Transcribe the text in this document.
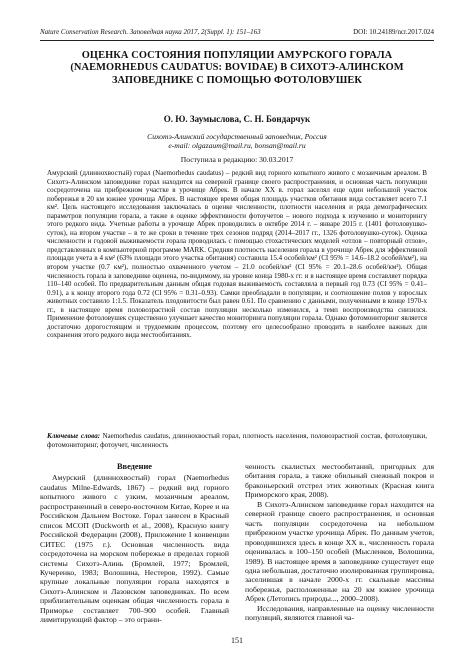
Nature Conservation Research. Заповедная наука 2017, 2(Suppl. 1): 151–163	DOI: 10.24189/ncr.2017.024
ОЦЕНКА СОСТОЯНИЯ ПОПУЛЯЦИИ АМУРСКОГО ГОРАЛА
(NAEMORHEDUS CAUDATUS: BOVIDAE) В СИХОТЭ-АЛИНСКОМ
ЗАПОВЕДНИКЕ С ПОМОЩЬЮ ФОТОЛОВУШЕК
О. Ю. Заумыслова, С. Н. Бондарчук
Сихотэ-Алинский государственный заповедник, Россия
e-mail: olgazaum@mail.ru, bonsan@mail.ru
Поступила в редакцию: 30.03.2017
Амурский (длиннохвостый) горал (Naemorhedus caudatus) – редкий вид горного копытного живого с мозаичным ареалом. В Сихотэ-Алинском заповеднике горал находится на северной границе своего распространения, и основная часть популяции сосредоточена на прибрежном участке в урочище Абрек. В начале XX в. горал заселял еще один небольшой участок побережья в 20 км южнее урочища Абрек. В настоящее время общая площадь участков обитания вида составляет всего 7.1 км². Цель настоящего исследования заключалась в оценке численности, плотности населения и ряда демографических параметров популяции горала, а также в оценке эффективности фотоучетов – нового подхода к изучению и мониторингу этого редкого вида. Учетные работы в урочище Абрек проводились в октябре 2014 г. – январе 2015 г. (1401 фотоловушко-суток), на втором участке – в те же сроки в течение трех сезонов подряд (2014–2017 гг., 1326 фотоловушко-суток). Оценка численности и годовой выживаемости горала проводилась с помощью стохастических моделей «отлов – повторный отлов», представленных в компьютерной программе MARK. Средняя плотность населения горала в урочище Абрек для эффективной площади учета в 4 км² (63% площади этого участка обитания) составила 15.4 особей/км² (CI 95% = 14.6–18.2 особей/км²), на втором участке (0.7 км²), полностью охваченного учетом – 21.0 особей/км² (CI 95% = 20.1–28.6 особей/км²). Общая численность горала в заповеднике оценена, по-видимому, на уровне конца 1980-х гг. и в настоящее время составляет порядка 110–140 особей. По предварительным данным общая годовая выживаемость составляла в первый год 0.73 (CI 95% = 0.41–0.91), а к концу второго года 0.72 (CI 95% = 0.31–0.93). Самки преобладали в популяции, и соотношение полов у взрослых животных составило 1:1.5. Показатель плодовитости был равен 0.61. По сравнению с данными, полученными в конце 1970-х гг., в настоящее время половозрастной состав популяции несколько изменился, а темп воспроизводства снизился. Применение фотоловушек существенно улучшает качество мониторинга популяции горала. Однако фотомониторинг является достаточно дорогостоящим и трудоемким процессом, поэтому его целесообразно проводить в наиболее важных для сохранения этого редкого вида местообитаниях.
Ключевые слова: Naemorhedus caudatus, длиннохвостый горал, плотность населения, половозрастной состав, фотоловушки, фотомониторинг, фотоучет, численность
Введение

Амурский (длиннохвостый) горал (Naemorhedus caudatus Milne-Edwards, 1867) – редкий вид горного копытного живого с узким, мозаичным ареалом, распространенный в северо-восточном Китае, Корее и на Российском Дальнем Востоке. Горал занесен в Красный список МСОП (Duckworth et al., 2008), Красную книгу Российской Федерации (2008), Приложение I конвенции СИТЕС (1975 г.). Основная численность вида сосредоточена на морском побережье в пределах горной системы Сихотэ-Алинь (Бромлей, 1977; Бромлей, Кучеренко, 1983; Волошина, Нестеров, 1992). Самые крупные локальные популяции горала находятся в Сихотэ-Алинском и Лазовском заповедниках. По всем приблизительным оценкам общая численность горала в Приморье составляет 700–900 особей. Главный лимитирующий фактор – это ограни-

ченность скалистых местообитаний, пригодных для обитания горала, а также обильный снежный покров и браконьерский отстрел этих животных (Красная книга Приморского края, 2008).

В Сихотэ-Алинском заповеднике горал находится на северной границе своего распространения, и основная часть популяции сосредоточена на небольшом прибрежном участке урочища Абрек. По данным учетов, проводившихся здесь в конце XX в., численность горала оценивалась в 100–150 особей (Мысленков, Волошина, 1989). В настоящее время в заповеднике существует еще одна небольшая, достаточно изолированная группировка, заселившая в начале 2000-х гг. скальные массивы побережья, расположенные на 20 км южнее урочища Абрек (Летопись природы..., 2000–2008).

Исследования, направленные на оценку численности популяций, являются главной ча-

151
